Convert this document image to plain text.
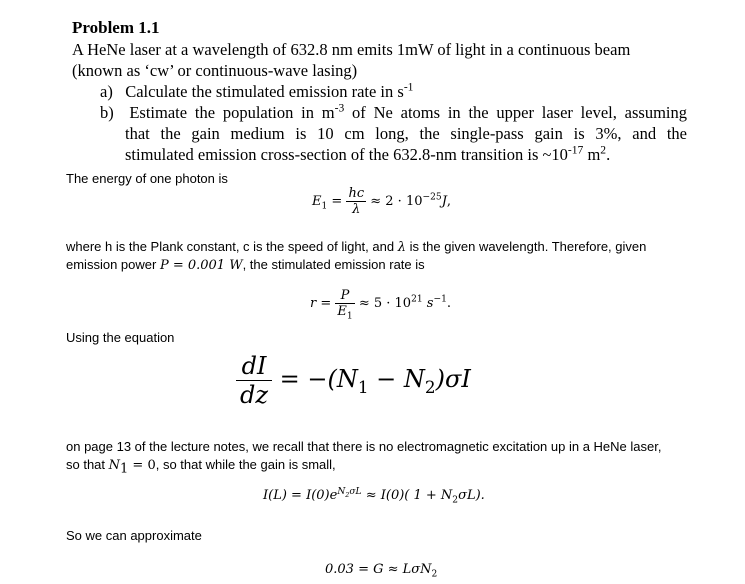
Problem 1.1
A HeNe laser at a wavelength of 632.8 nm emits 1mW of light in a continuous beam
(known as ‘cw’ or continuous-wave lasing)
a) Calculate the stimulated emission rate in $s^{-1}$
b) Estimate the population in $m^{-3}$ of Ne atoms in the upper laser level, assuming
that the gain medium is 10 cm long, the single-pass gain is 3%, and the
stimulated emission cross-section of the 632.8-nm transition is $\sim 10^{-17}$ $m^2$.
The energy of one photon is
$E_1 = \frac{hc}{\lambda} \approx 2 \cdot 10^{-25}J$,
where h is the Plank constant, c is the speed of light, and λ is the given wavelength. Therefore, given
emission power P = 0.001 W, the stimulated emission rate is
$r = \frac{P}{E_1} \approx 5 \cdot 10^{21}$ $s^{-1}$.
Using the equation
$\frac{dI}{dz} = -(N_1 - N_2)\sigma I$
on page 13 of the lecture notes, we recall that there is no electromagnetic excitation up in a HeNe laser,
so that $N_1 = 0$, so that while the gain is small,
$I(L) = I(0)e^{N_2\sigma L} \approx I(0)$( $1 + N_2\sigma L$).
So we can approximate
0.03 = G ≈ LσN$_2$
